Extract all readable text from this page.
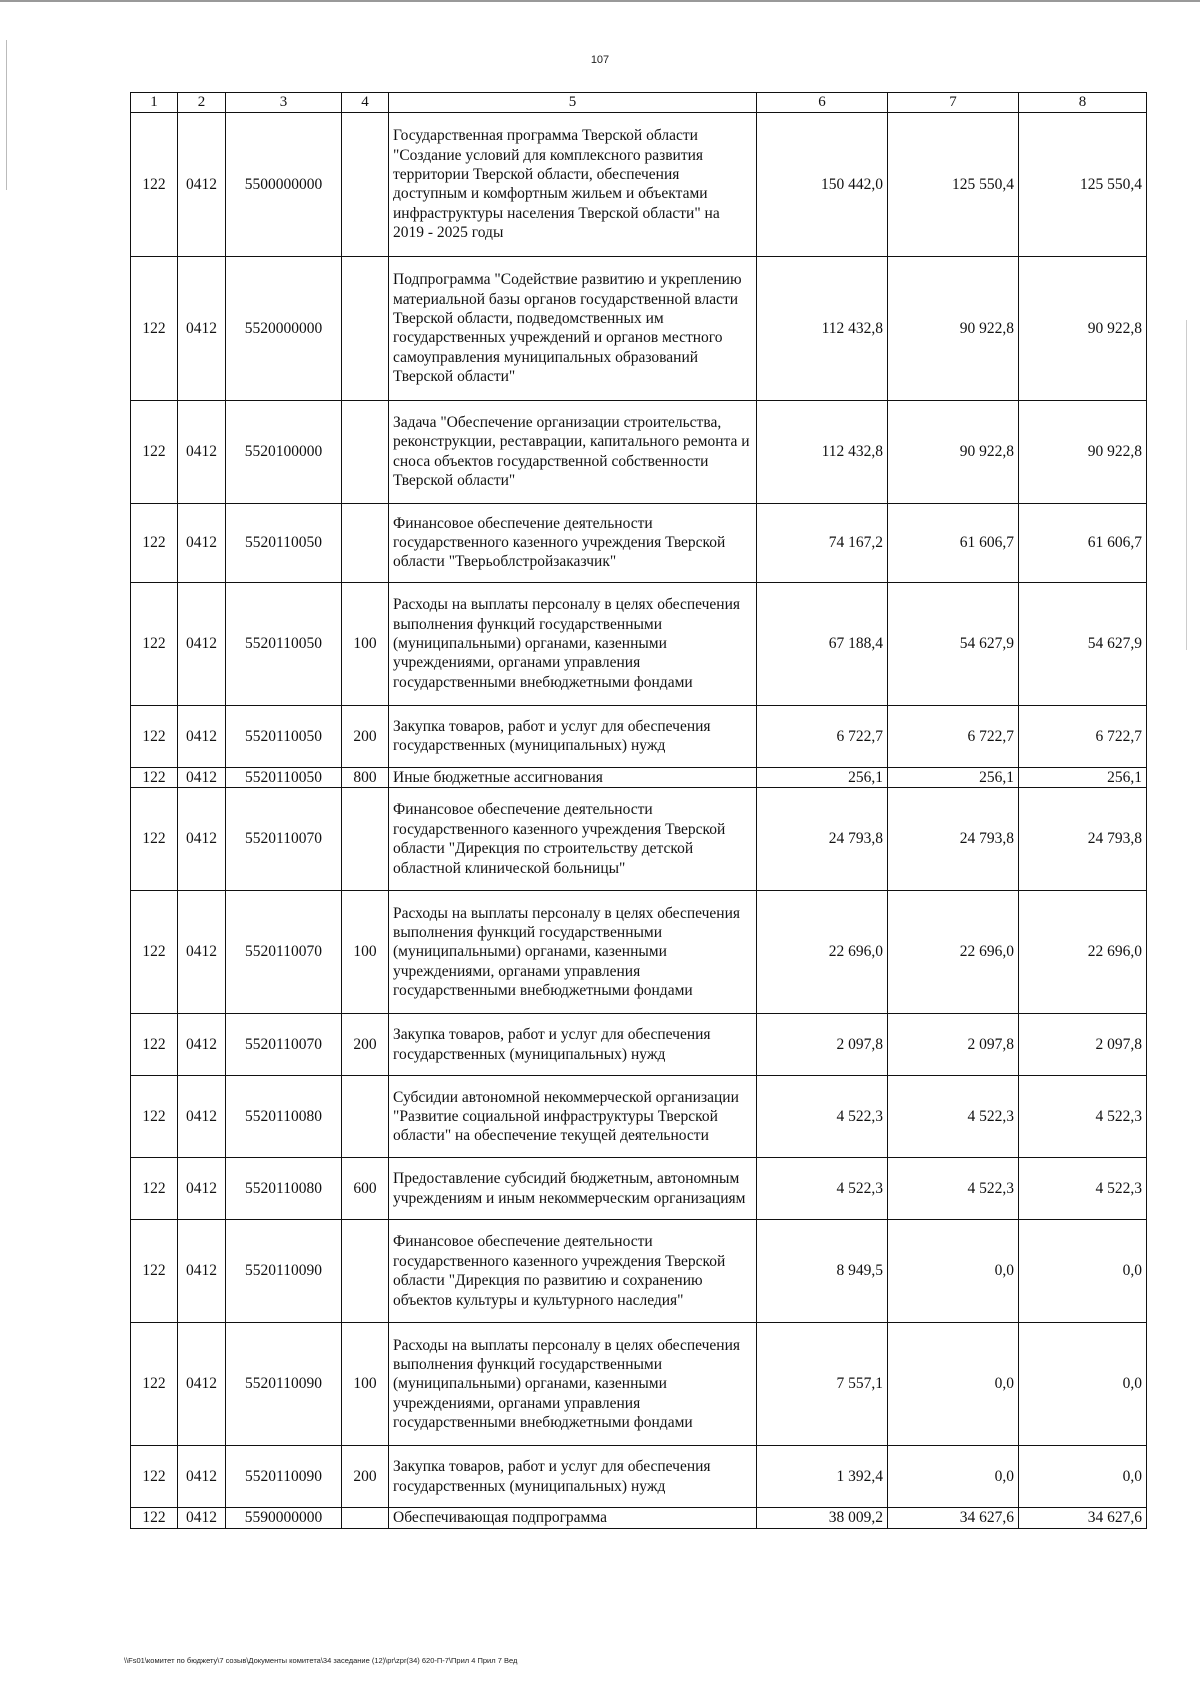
107
1	2	3	4	5	6	7	8
122	0412	5500000000		Государственная программа Тверской области "Создание условий для комплексного развития территории Тверской области, обеспечения доступным и комфортным жильем и объектами инфраструктуры населения Тверской области" на 2019 - 2025 годы	150 442,0	125 550,4	125 550,4
122	0412	5520000000		Подпрограмма "Содействие развитию и укреплению материальной базы органов государственной власти Тверской области, подведомственных им государственных учреждений и органов местного самоуправления муниципальных образований Тверской области"	112 432,8	90 922,8	90 922,8
122	0412	5520100000		Задача "Обеспечение организации строительства, реконструкции, реставрации, капитального ремонта и сноса объектов государственной собственности Тверской области"	112 432,8	90 922,8	90 922,8
122	0412	5520110050		Финансовое обеспечение деятельности государственного казенного учреждения Тверской области "Тверьоблстройзаказчик"	74 167,2	61 606,7	61 606,7
122	0412	5520110050	100	Расходы на выплаты персоналу в целях обеспечения выполнения функций государственными (муниципальными) органами, казенными учреждениями, органами управления государственными внебюджетными фондами	67 188,4	54 627,9	54 627,9
122	0412	5520110050	200	Закупка товаров, работ и услуг для обеспечения государственных (муниципальных) нужд	6 722,7	6 722,7	6 722,7
122	0412	5520110050	800	Иные бюджетные ассигнования	256,1	256,1	256,1
122	0412	5520110070		Финансовое обеспечение деятельности государственного казенного учреждения Тверской области "Дирекция по строительству детской областной клинической больницы"	24 793,8	24 793,8	24 793,8
122	0412	5520110070	100	Расходы на выплаты персоналу в целях обеспечения выполнения функций государственными (муниципальными) органами, казенными учреждениями, органами управления государственными внебюджетными фондами	22 696,0	22 696,0	22 696,0
122	0412	5520110070	200	Закупка товаров, работ и услуг для обеспечения государственных (муниципальных) нужд	2 097,8	2 097,8	2 097,8
122	0412	5520110080		Субсидии автономной некоммерческой организации "Развитие социальной инфраструктуры Тверской области" на обеспечение текущей деятельности	4 522,3	4 522,3	4 522,3
122	0412	5520110080	600	Предоставление субсидий бюджетным, автономным учреждениям и иным некоммерческим организациям	4 522,3	4 522,3	4 522,3
122	0412	5520110090		Финансовое обеспечение деятельности государственного казенного учреждения Тверской области "Дирекция по развитию и сохранению объектов культуры и культурного наследия"	8 949,5	0,0	0,0
122	0412	5520110090	100	Расходы на выплаты персоналу в целях обеспечения выполнения функций государственными (муниципальными) органами, казенными учреждениями, органами управления государственными внебюджетными фондами	7 557,1	0,0	0,0
122	0412	5520110090	200	Закупка товаров, работ и услуг для обеспечения государственных (муниципальных) нужд	1 392,4	0,0	0,0
122	0412	5590000000		Обеспечивающая подпрограмма	38 009,2	34 627,6	34 627,6
\\Fs01\комитет по бюджету\7 созыв\Документы комитета\34 заседание (12)\pr\zpr(34) 620-П-7\Прил 4 Прил 7 Вед
